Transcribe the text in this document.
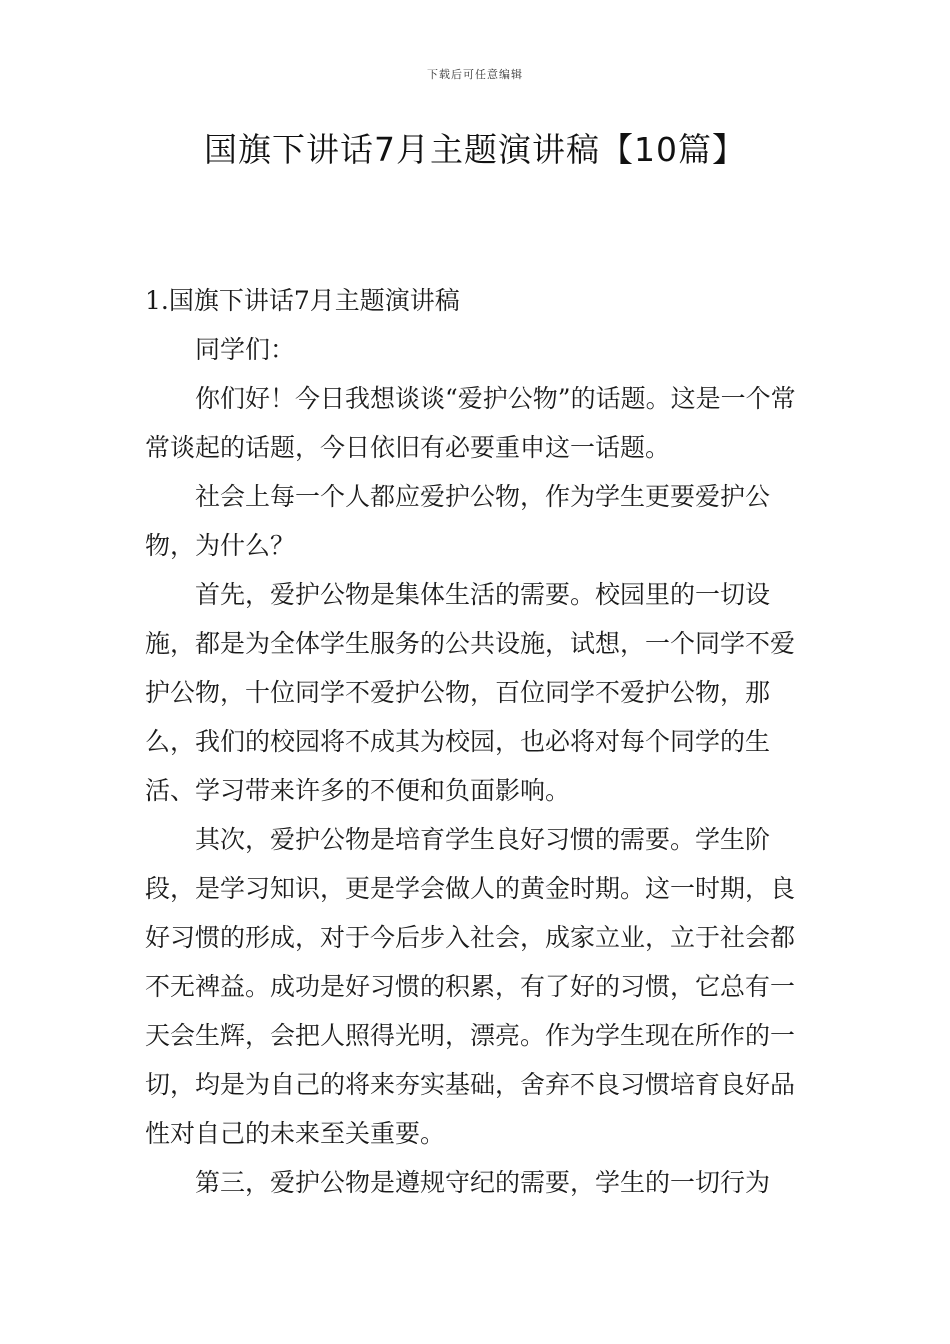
下载后可任意编辑
国旗下讲话7月主题演讲稿【10篇】

1.国旗下讲话7月主题演讲稿

同学们：

你们好！今日我想谈谈“爱护公物”的话题。这是一个常常谈起的话题，今日依旧有必要重申这一话题。

社会上每一个人都应爱护公物，作为学生更要爱护公物，为什么？

首先，爱护公物是集体生活的需要。校园里的一切设施，都是为全体学生服务的公共设施，试想，一个同学不爱护公物，十位同学不爱护公物，百位同学不爱护公物，那么，我们的校园将不成其为校园，也必将对每个同学的生活、学习带来许多的不便和负面影响。

其次，爱护公物是培育学生良好习惯的需要。学生阶段，是学习知识，更是学会做人的黄金时期。这一时期，良好习惯的形成，对于今后步入社会，成家立业，立于社会都不无裨益。成功是好习惯的积累，有了好的习惯，它总有一天会生辉，会把人照得光明，漂亮。作为学生现在所作的一切，均是为自己的将来夯实基础，舍弃不良习惯培育良好品性对自己的未来至关重要。

第三，爱护公物是遵规守纪的需要，学生的一切行为
